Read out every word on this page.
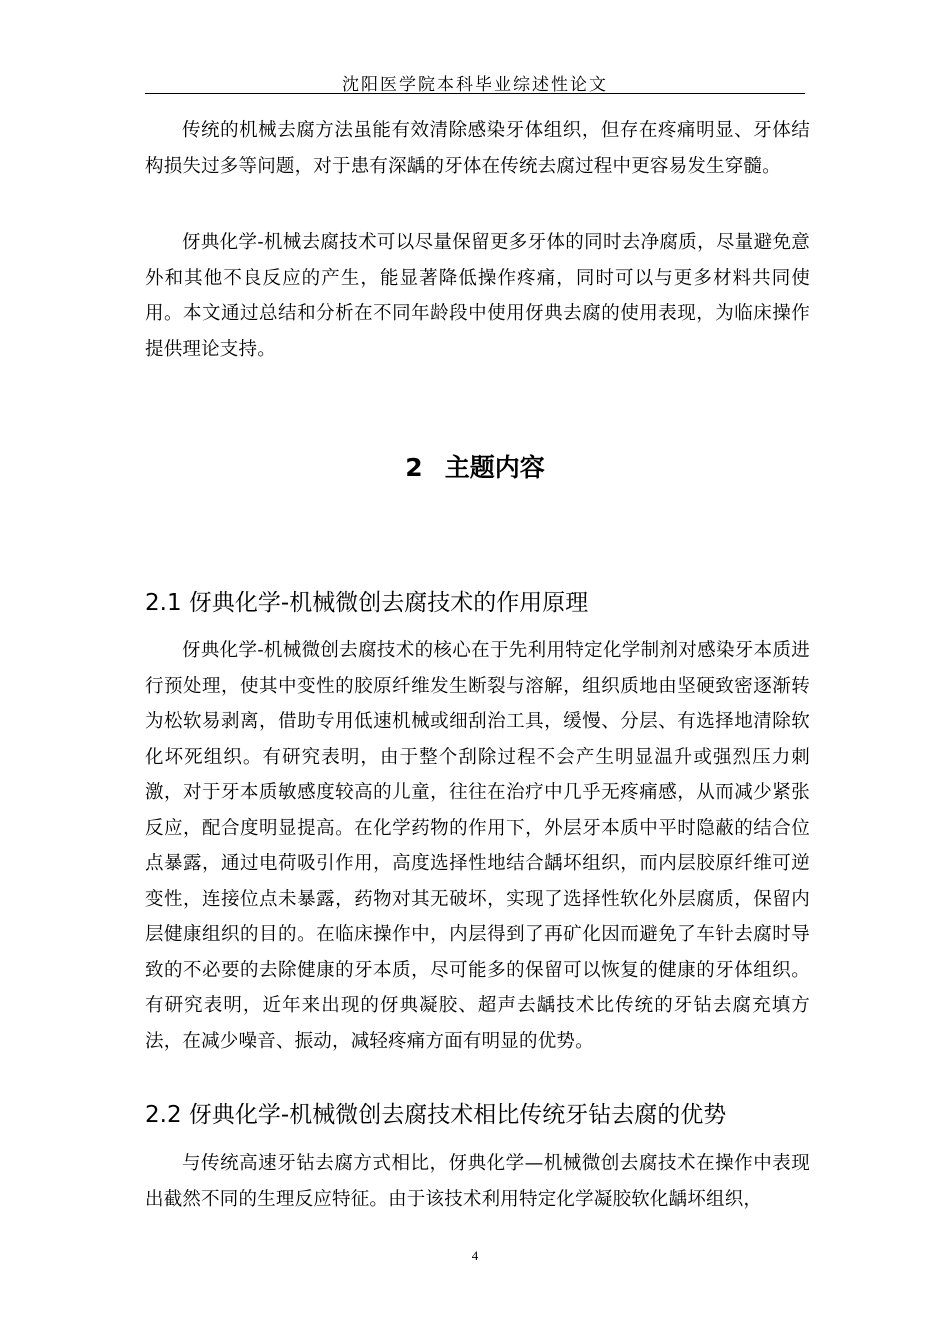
沈阳医学院本科毕业综述性论文

传统的机械去腐方法虽能有效清除感染牙体组织，但存在疼痛明显、牙体结构损失过多等问题，对于患有深龋的牙体在传统去腐过程中更容易发生穿髓。

伢典化学-机械去腐技术可以尽量保留更多牙体的同时去净腐质，尽量避免意外和其他不良反应的产生，能显著降低操作疼痛，同时可以与更多材料共同使用。本文通过总结和分析在不同年龄段中使用伢典去腐的使用表现，为临床操作提供理论支持。

2 主题内容
2.1 伢典化学-机械微创去腐技术的作用原理

伢典化学-机械微创去腐技术的核心在于先利用特定化学制剂对感染牙本质进行预处理，使其中变性的胶原纤维发生断裂与溶解，组织质地由坚硬致密逐渐转为松软易剥离，借助专用低速机械或细刮治工具，缓慢、分层、有选择地清除软化坏死组织。有研究表明，由于整个刮除过程不会产生明显温升或强烈压力刺激，对于牙本质敏感度较高的儿童，往往在治疗中几乎无疼痛感，从而减少紧张反应，配合度明显提高。在化学药物的作用下，外层牙本质中平时隐蔽的结合位点暴露，通过电荷吸引作用，高度选择性地结合龋坏组织，而内层胶原纤维可逆变性，连接位点未暴露，药物对其无破坏，实现了选择性软化外层腐质，保留内层健康组织的目的。在临床操作中，内层得到了再矿化因而避免了车针去腐时导致的不必要的去除健康的牙本质，尽可能多的保留可以恢复的健康的牙体组织。有研究表明，近年来出现的伢典凝胶、超声去龋技术比传统的牙钻去腐充填方法，在减少噪音、振动，减轻疼痛方面有明显的优势。

2.2 伢典化学-机械微创去腐技术相比传统牙钻去腐的优势

与传统高速牙钻去腐方式相比，伢典化学—机械微创去腐技术在操作中表现出截然不同的生理反应特征。由于该技术利用特定化学凝胶软化龋坏组织，

4
